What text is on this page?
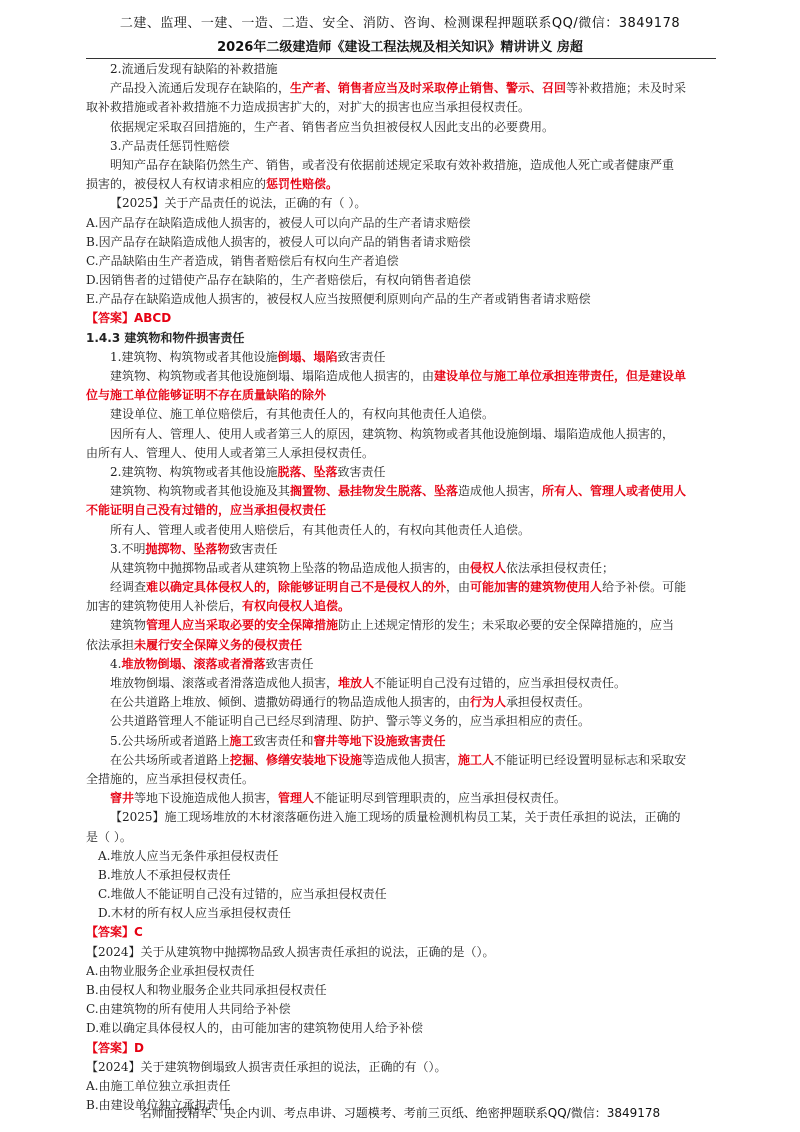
二建、监理、一建、一造、二造、安全、消防、咨询、检测课程押题联系QQ/微信：3849178
2026年二级建造师《建设工程法规及相关知识》精讲讲义 房超
2.流通后发现有缺陷的补救措施
产品投入流通后发现存在缺陷的，生产者、销售者应当及时采取停止销售、警示、召回等补救措施；未及时采
取补救措施或者补救措施不力造成损害扩大的，对扩大的损害也应当承担侵权责任。
依据规定采取召回措施的，生产者、销售者应当负担被侵权人因此支出的必要费用。
3.产品责任惩罚性赔偿
明知产品存在缺陷仍然生产、销售，或者没有依据前述规定采取有效补救措施，造成他人死亡或者健康严重
损害的，被侵权人有权请求相应的惩罚性赔偿。
【2025】关于产品责任的说法，正确的有（ ）。
A.因产品存在缺陷造成他人损害的，被侵人可以向产品的生产者请求赔偿
B.因产品存在缺陷造成他人损害的，被侵人可以向产品的销售者请求赔偿
C.产品缺陷由生产者造成，销售者赔偿后有权向生产者追偿
D.因销售者的过错使产品存在缺陷的，生产者赔偿后，有权向销售者追偿
E.产品存在缺陷造成他人损害的，被侵权人应当按照便利原则向产品的生产者或销售者请求赔偿
【答案】ABCD
1.4.3 建筑物和物件损害责任
1.建筑物、构筑物或者其他设施倒塌、塌陷致害责任
建筑物、构筑物或者其他设施倒塌、塌陷造成他人损害的，由建设单位与施工单位承担连带责任，但是建设单
位与施工单位能够证明不存在质量缺陷的除外
建设单位、施工单位赔偿后，有其他责任人的，有权向其他责任人追偿。
因所有人、管理人、使用人或者第三人的原因，建筑物、构筑物或者其他设施倒塌、塌陷造成他人损害的，
由所有人、管理人、使用人或者第三人承担侵权责任。
2.建筑物、构筑物或者其他设施脱落、坠落致害责任
建筑物、构筑物或者其他设施及其搁置物、悬挂物发生脱落、坠落造成他人损害，所有人、管理人或者使用人
不能证明自己没有过错的，应当承担侵权责任
所有人、管理人或者使用人赔偿后，有其他责任人的，有权向其他责任人追偿。
3.不明抛掷物、坠落物致害责任
从建筑物中抛掷物品或者从建筑物上坠落的物品造成他人损害的，由侵权人依法承担侵权责任；
经调查难以确定具体侵权人的，除能够证明自己不是侵权人的外，由可能加害的建筑物使用人给予补偿。可能
加害的建筑物使用人补偿后，有权向侵权人追偿。
建筑物管理人应当采取必要的安全保障措施防止上述规定情形的发生；未采取必要的安全保障措施的，应当
依法承担未履行安全保障义务的侵权责任
4.堆放物倒塌、滚落或者滑落致害责任
堆放物倒塌、滚落或者滑落造成他人损害，堆放人不能证明自己没有过错的，应当承担侵权责任。
在公共道路上堆放、倾倒、遗撒妨碍通行的物品造成他人损害的，由行为人承担侵权责任。
公共道路管理人不能证明自己已经尽到清理、防护、警示等义务的，应当承担相应的责任。
5.公共场所或者道路上施工致害责任和窨井等地下设施致害责任
在公共场所或者道路上挖掘、修缮安装地下设施等造成他人损害，施工人不能证明已经设置明显标志和采取安
全措施的，应当承担侵权责任。
窨井等地下设施造成他人损害，管理人不能证明尽到管理职责的，应当承担侵权责任。
【2025】施工现场堆放的木材滚落砸伤进入施工现场的质量检测机构员工某，关于责任承担的说法，正确的
是（ ）。
A.堆放人应当无条件承担侵权责任
B.堆放人不承担侵权责任
C.堆做人不能证明自己没有过错的，应当承担侵权责任
D.木材的所有权人应当承担侵权责任
【答案】C
【2024】关于从建筑物中抛掷物品致人损害责任承担的说法，正确的是（）。
A.由物业服务企业承担侵权责任
B.由侵权人和物业服务企业共同承担侵权责任
C.由建筑物的所有使用人共同给予补偿
D.难以确定具体侵权人的，由可能加害的建筑物使用人给予补偿
【答案】D
【2024】关于建筑物倒塌致人损害责任承担的说法，正确的有（）。
A.由施工单位独立承担责任
B.由建设单位独立承担责任
名师面授精华、央企内训、考点串讲、习题模考、考前三页纸、绝密押题联系QQ/微信：3849178
